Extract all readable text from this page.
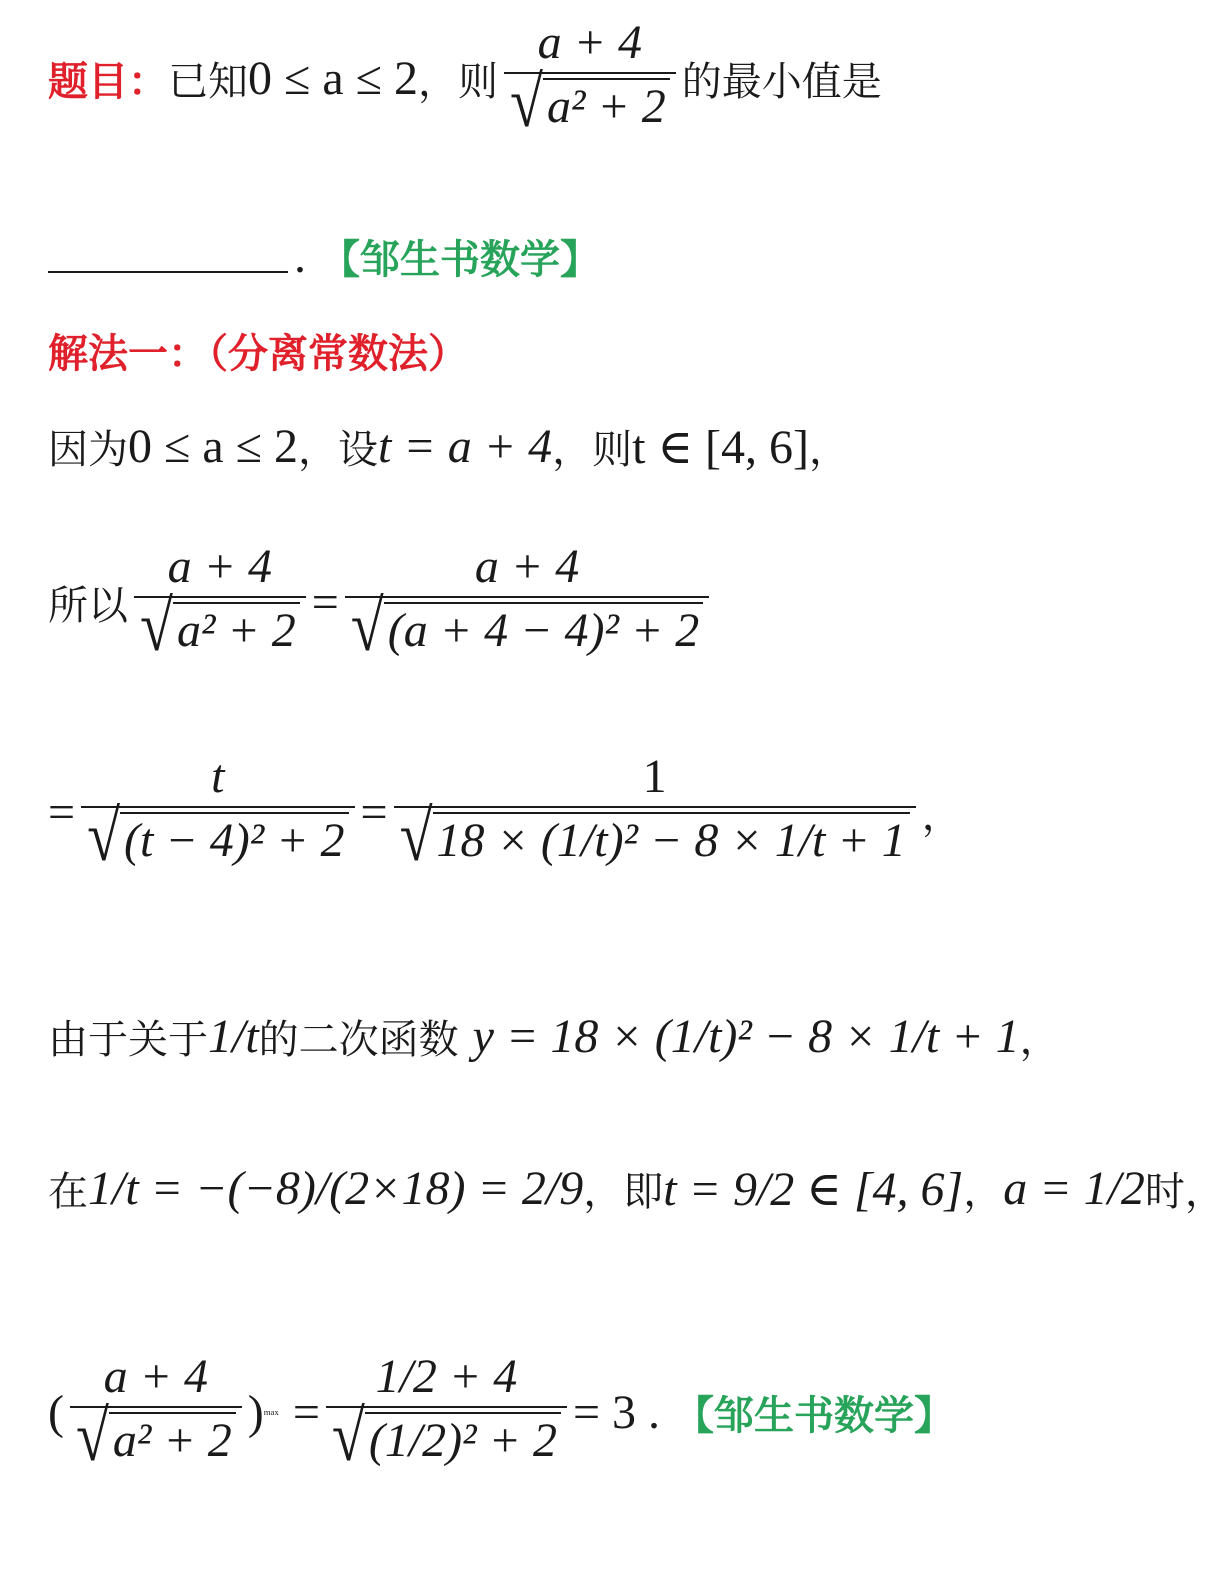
题目： 已知 0 ≤ a ≤ 2 ，则 $\frac{a + 4}{\text{√ a² + 2}}$ 的最小值是
. 【邹生书数学】
解法一：（分离常数法）
因为 0 ≤ a ≤ 2 ，设 t = a + 4 ，则 t ∈ [4, 6] ，
所以 $\frac{a + 4}{\text{√ a² + 2}} = \frac{a + 4}{\text{√ (a + 4 − 4)² + 2}}$
= $\frac{t}{\text{√ (t − 4)² + 2}} = \frac{1}{\text{√ 18 × (1/t)² − 8 × 1/t + 1}}$ ，
由于关于 1/t 的二次函数 y = 18 × (1/t)² − 8 × 1/t + 1 ，
在 1/t = −(−8)/(2×18) = 2/9 ，即 t = 9/2 ∈ [4, 6] ， a = 1/2 时，
( $\frac{a + 4}{\text{√ a² + 2}}$ ) $\max = \frac{1/2 + 4}{\text{√ (1/2)² + 2}} = 3$ . 【邹生书数学】
